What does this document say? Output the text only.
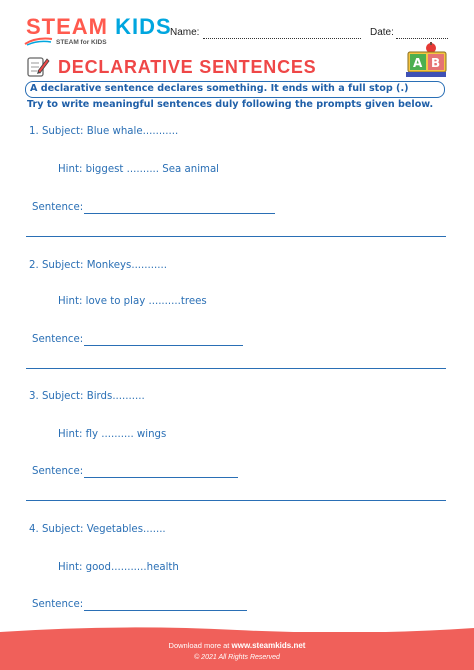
STEAM KIDS
STEAM for KIDS
Name:	Date:
DECLARATIVE SENTENCES	A B
A declarative sentence declares something. It ends with a full stop (.)
Try to write meaningful sentences duly following the prompts given below.
1. Subject: Blue whale...........
Hint: biggest .......... Sea animal
Sentence:
2. Subject: Monkeys...........
Hint: love to play ..........trees
Sentence:
3. Subject: Birds..........
Hint: fly .......... wings
Sentence:
4. Subject: Vegetables.......
Hint: good...........health
Sentence:
Download more at www.steamkids.net
© 2021 All Rights Reserved
